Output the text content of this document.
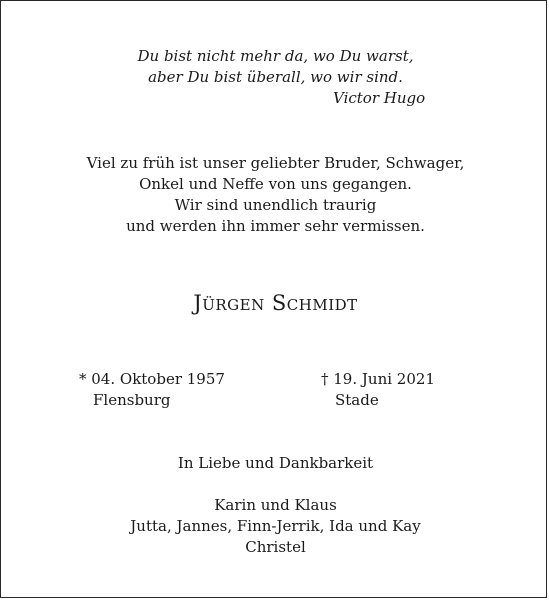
Du bist nicht mehr da, wo Du warst,
aber Du bist überall, wo wir sind.
Victor Hugo
Viel zu früh ist unser geliebter Bruder, Schwager,
Onkel und Neffe von uns gegangen.
Wir sind unendlich traurig
und werden ihn immer sehr vermissen.
Jürgen Schmidt
* 04. Oktober 1957
Flensburg
† 19. Juni 2021
Stade
In Liebe und Dankbarkeit
Karin und Klaus
Jutta, Jannes, Finn-Jerrik, Ida und Kay
Christel
